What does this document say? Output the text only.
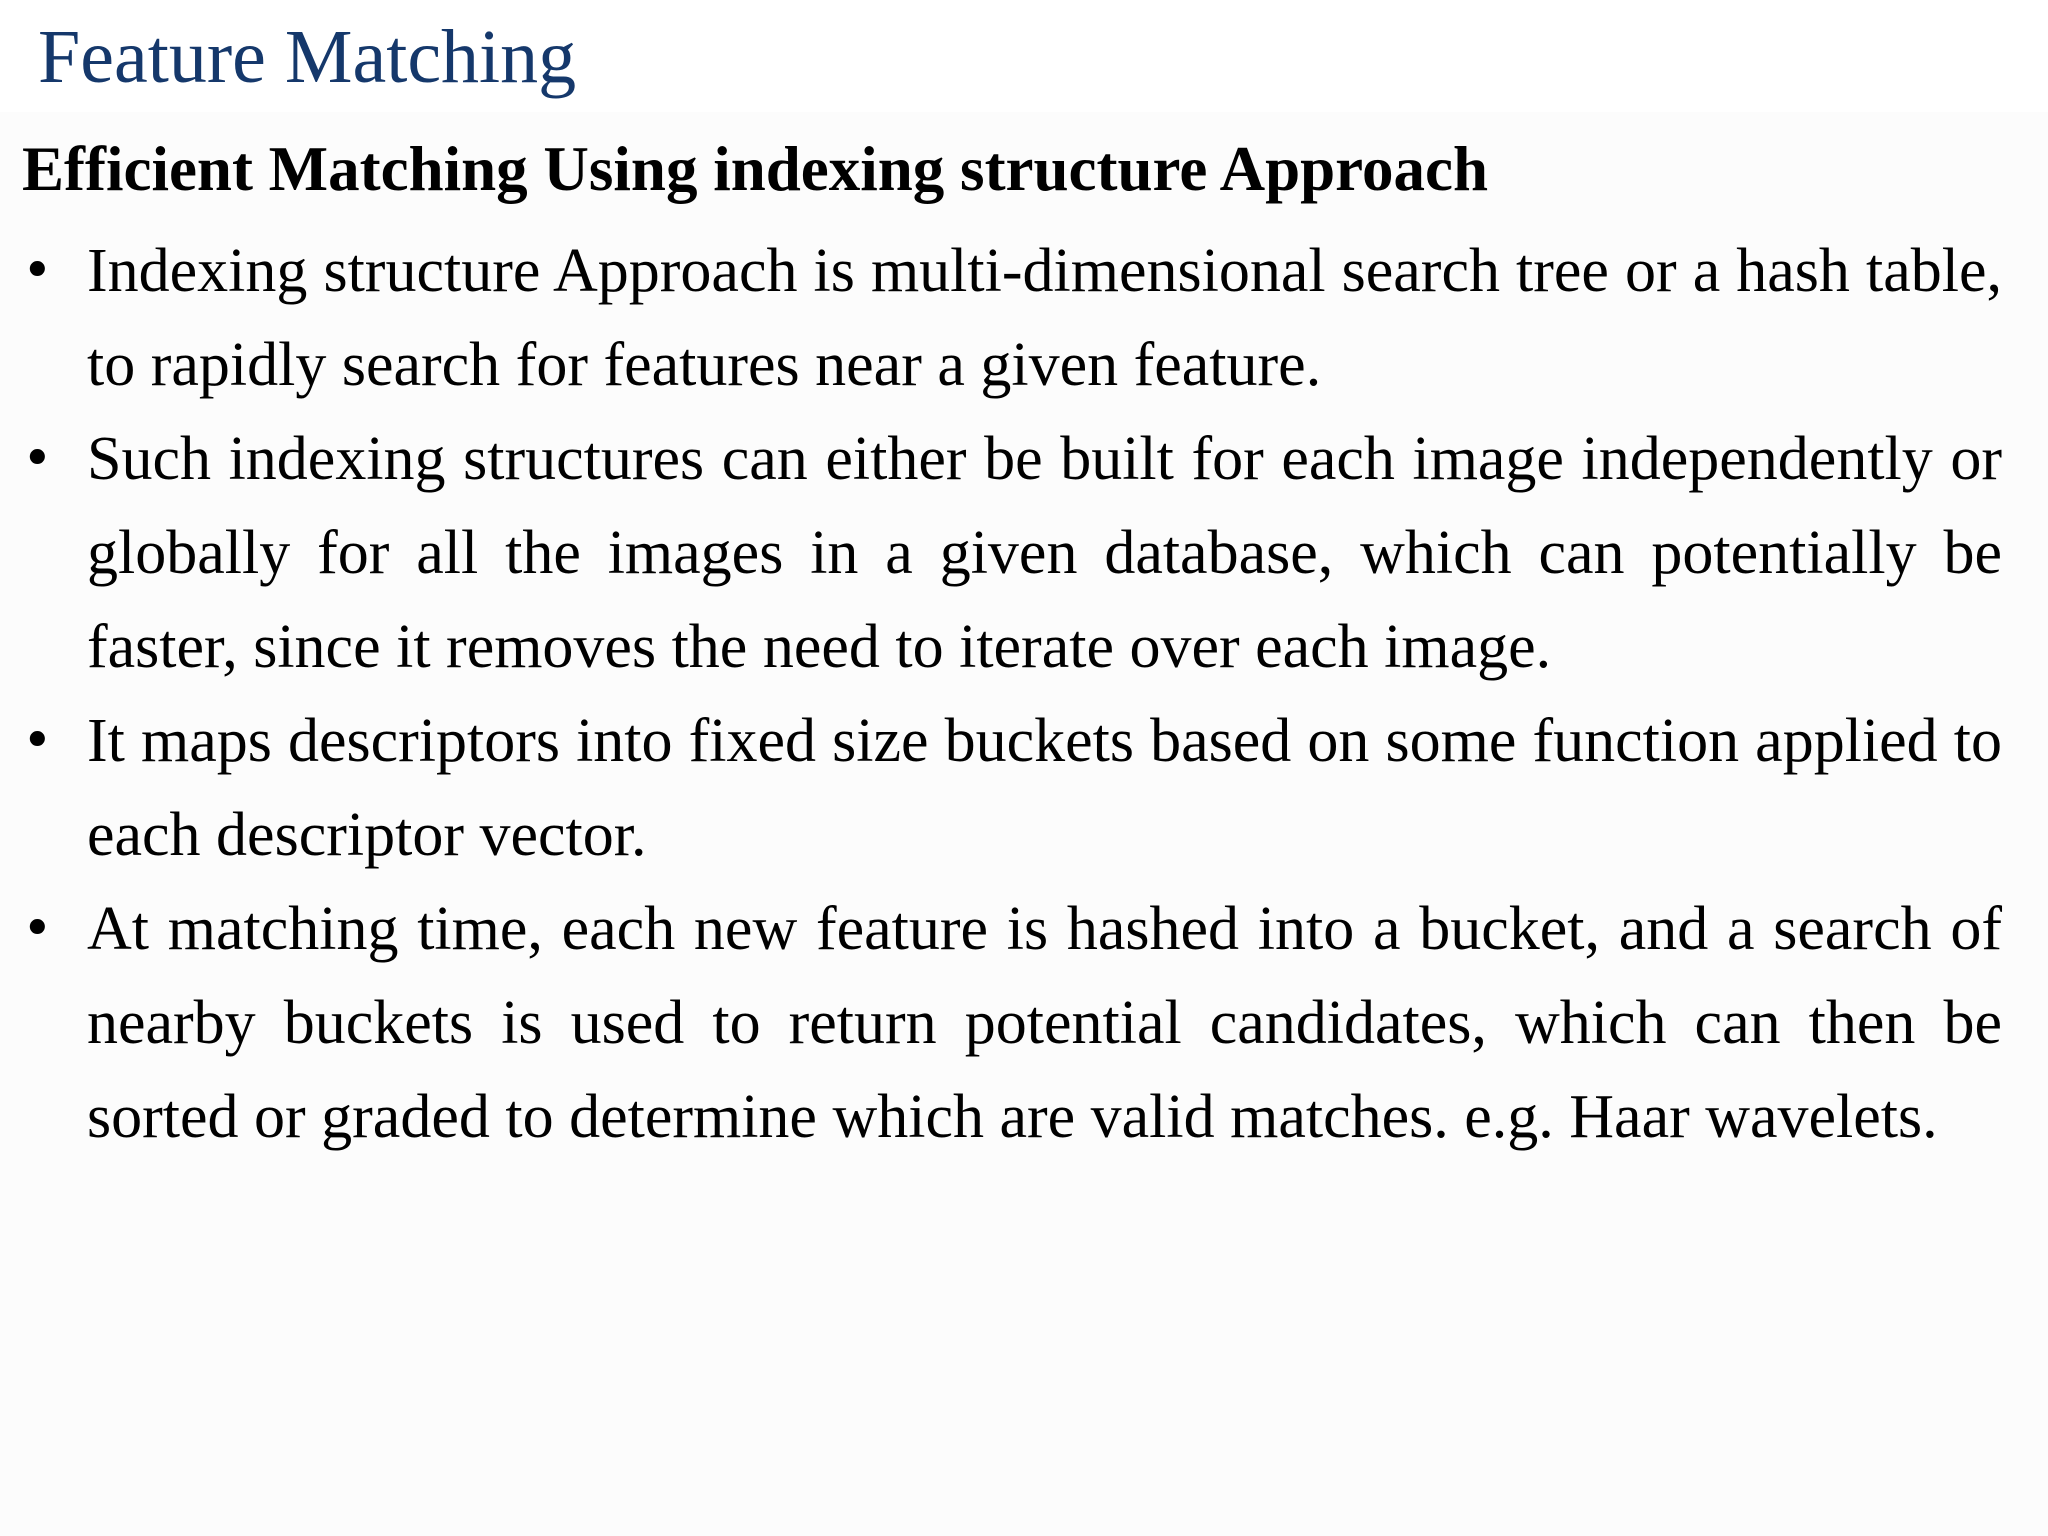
Feature Matching
Efficient Matching Using indexing structure Approach
• Indexing structure Approach is multi-dimensional search tree or a hash table, to rapidly search for features near a given feature.
• Such indexing structures can either be built for each image independently or globally for all the images in a given database, which can potentially be faster, since it removes the need to iterate over each image.
• It maps descriptors into fixed size buckets based on some function applied to each descriptor vector.
• At matching time, each new feature is hashed into a bucket, and a search of nearby buckets is used to return potential candidates, which can then be sorted or graded to determine which are valid matches. e.g. Haar wavelets.
